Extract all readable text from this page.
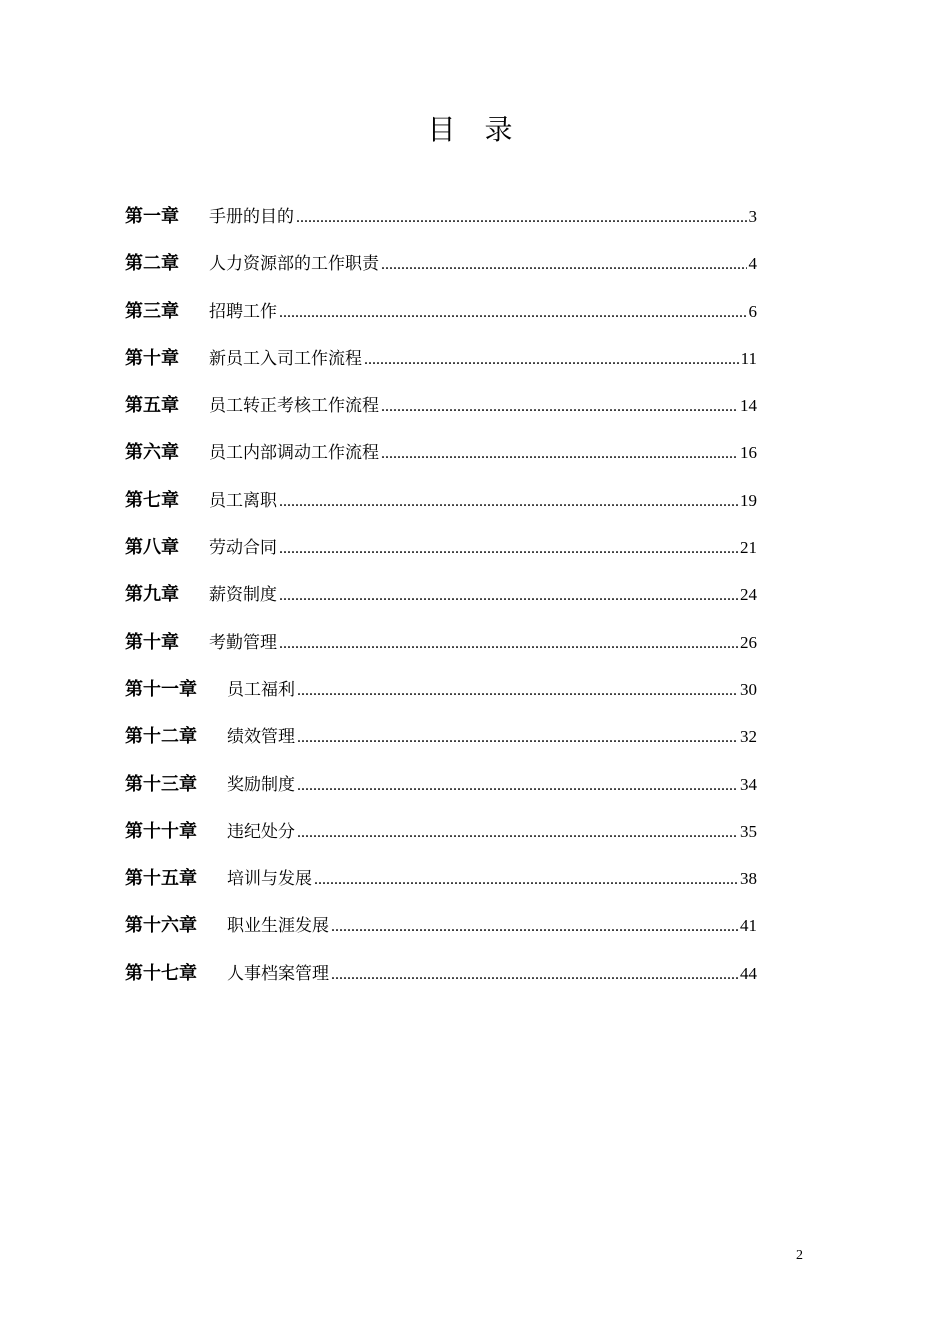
目 录
第一章	手册的目的 .....	3
第二章	人力资源部的工作职责 .....	4
第三章	招聘工作 .....	6
第十章	新员工入司工作流程 .....	11
第五章	员工转正考核工作流程 .....	14
第六章	员工内部调动工作流程 .....	16
第七章	员工离职 .....	19
第八章	劳动合同 .....	21
第九章	薪资制度 .....	24
第十章	考勤管理 .....	26
第十一章	员工福利 .....	30
第十二章	绩效管理 .....	32
第十三章	奖励制度 .....	34
第十十章	违纪处分 .....	35
第十五章	培训与发展 .....	38
第十六章	职业生涯发展 .....	41
第十七章	人事档案管理 .....	44
2
